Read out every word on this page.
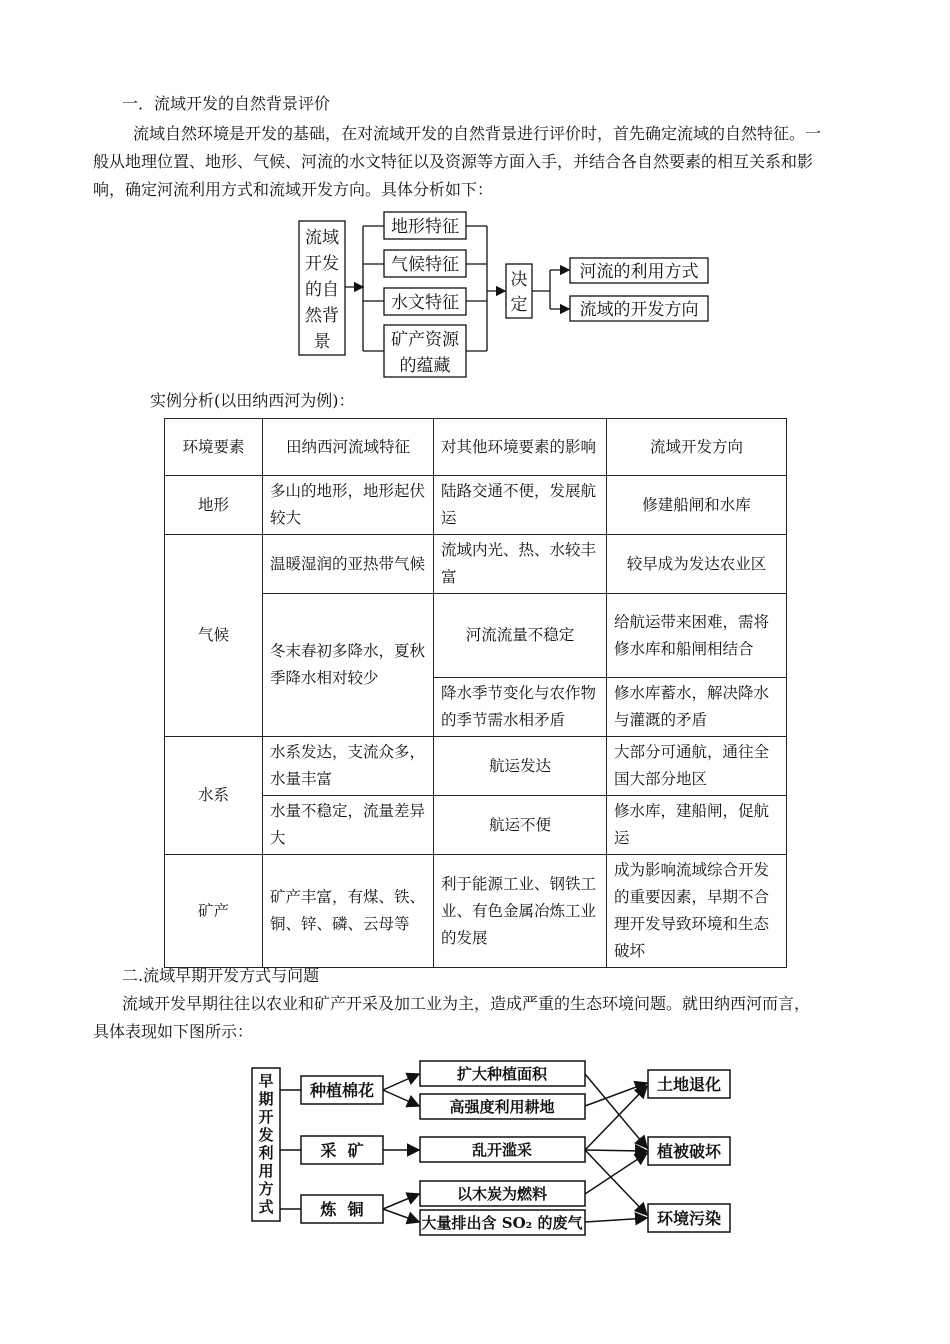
一．流域开发的自然背景评价
流域自然环境是开发的基础，在对流域开发的自然背景进行评价时，首先确定流域的自然特征。一
般从地理位置、地形、气候、河流的水文特征以及资源等方面入手，并结合各自然要素的相互关系和影
响，确定河流利用方式和流域开发方向。具体分析如下：
流域
开发
的自
然背
景
地形特征
气候特征
水文特征
矿产资源
的蕴藏
决
定
河流的利用方式
流域的开发方向
实例分析(以田纳西河为例)：
环境要素	田纳西河流域特征	对其他环境要素的影响	流域开发方向
地形	多山的地形，地形起伏较大	陆路交通不便，发展航运	修建船闸和水库
气候	温暖湿润的亚热带气候	流域内光、热、水较丰富	较早成为发达农业区
	冬末春初多降水，夏秋季降水相对较少	河流流量不稳定	给航运带来困难，需将修水库和船闸相结合
		降水季节变化与农作物的季节需水相矛盾	修水库蓄水，解决降水与灌溉的矛盾
水系	水系发达，支流众多，水量丰富	航运发达	大部分可通航，通往全国大部分地区
	水量不稳定，流量差异大	航运不便	修水库，建船闸，促航运
矿产	矿产丰富，有煤、铁、铜、锌、磷、云母等	利于能源工业、钢铁工业、有色金属冶炼工业的发展	成为影响流域综合开发的重要因素，早期不合理开发导致环境和生态破坏
二.流域早期开发方式与问题
流域开发早期往往以农业和矿产开采及加工业为主，造成严重的生态环境问题。就田纳西河而言，
具体表现如下图所示：
早
期
开
发
利
用
方
式
种植棉花
采  矿
炼  铜
扩大种植面积
高强度利用耕地
乱开滥采
以木炭为燃料
大量排出含 SO₂ 的废气
土地退化
植被破坏
环境污染
